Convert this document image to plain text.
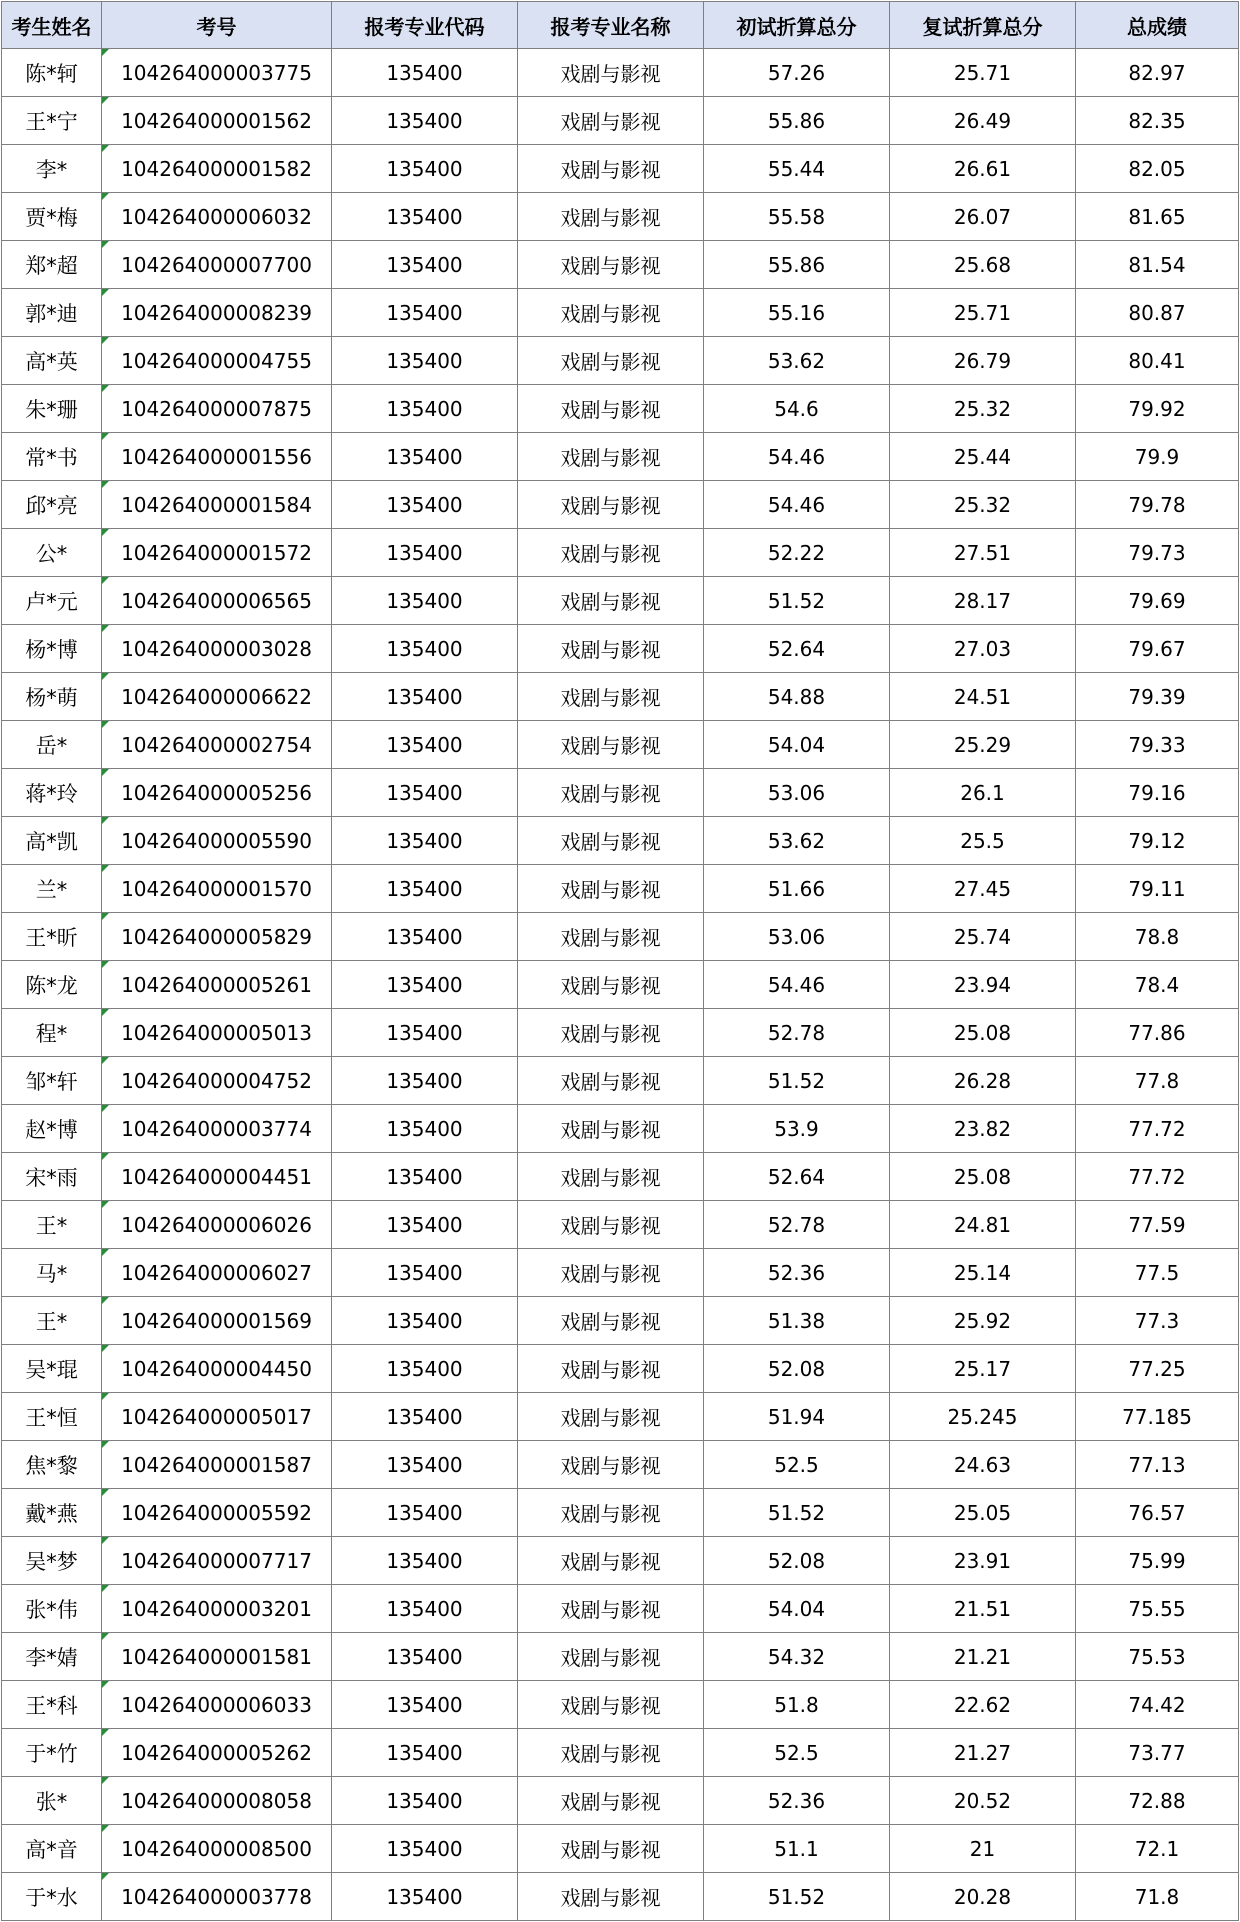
考生姓名	考号	报考专业代码	报考专业名称	初试折算总分	复试折算总分	总成绩
陈*轲	104264000003775	135400	戏剧与影视	57.26	25.71	82.97
王*宁	104264000001562	135400	戏剧与影视	55.86	26.49	82.35
李*	104264000001582	135400	戏剧与影视	55.44	26.61	82.05
贾*梅	104264000006032	135400	戏剧与影视	55.58	26.07	81.65
郑*超	104264000007700	135400	戏剧与影视	55.86	25.68	81.54
郭*迪	104264000008239	135400	戏剧与影视	55.16	25.71	80.87
高*英	104264000004755	135400	戏剧与影视	53.62	26.79	80.41
朱*珊	104264000007875	135400	戏剧与影视	54.6	25.32	79.92
常*书	104264000001556	135400	戏剧与影视	54.46	25.44	79.9
邱*亮	104264000001584	135400	戏剧与影视	54.46	25.32	79.78
公*	104264000001572	135400	戏剧与影视	52.22	27.51	79.73
卢*元	104264000006565	135400	戏剧与影视	51.52	28.17	79.69
杨*博	104264000003028	135400	戏剧与影视	52.64	27.03	79.67
杨*萌	104264000006622	135400	戏剧与影视	54.88	24.51	79.39
岳*	104264000002754	135400	戏剧与影视	54.04	25.29	79.33
蒋*玲	104264000005256	135400	戏剧与影视	53.06	26.1	79.16
高*凯	104264000005590	135400	戏剧与影视	53.62	25.5	79.12
兰*	104264000001570	135400	戏剧与影视	51.66	27.45	79.11
王*昕	104264000005829	135400	戏剧与影视	53.06	25.74	78.8
陈*龙	104264000005261	135400	戏剧与影视	54.46	23.94	78.4
程*	104264000005013	135400	戏剧与影视	52.78	25.08	77.86
邹*轩	104264000004752	135400	戏剧与影视	51.52	26.28	77.8
赵*博	104264000003774	135400	戏剧与影视	53.9	23.82	77.72
宋*雨	104264000004451	135400	戏剧与影视	52.64	25.08	77.72
王*	104264000006026	135400	戏剧与影视	52.78	24.81	77.59
马*	104264000006027	135400	戏剧与影视	52.36	25.14	77.5
王*	104264000001569	135400	戏剧与影视	51.38	25.92	77.3
吴*琨	104264000004450	135400	戏剧与影视	52.08	25.17	77.25
王*恒	104264000005017	135400	戏剧与影视	51.94	25.245	77.185
焦*黎	104264000001587	135400	戏剧与影视	52.5	24.63	77.13
戴*燕	104264000005592	135400	戏剧与影视	51.52	25.05	76.57
吴*梦	104264000007717	135400	戏剧与影视	52.08	23.91	75.99
张*伟	104264000003201	135400	戏剧与影视	54.04	21.51	75.55
李*婧	104264000001581	135400	戏剧与影视	54.32	21.21	75.53
王*科	104264000006033	135400	戏剧与影视	51.8	22.62	74.42
于*竹	104264000005262	135400	戏剧与影视	52.5	21.27	73.77
张*	104264000008058	135400	戏剧与影视	52.36	20.52	72.88
高*音	104264000008500	135400	戏剧与影视	51.1	21	72.1
于*水	104264000003778	135400	戏剧与影视	51.52	20.28	71.8
